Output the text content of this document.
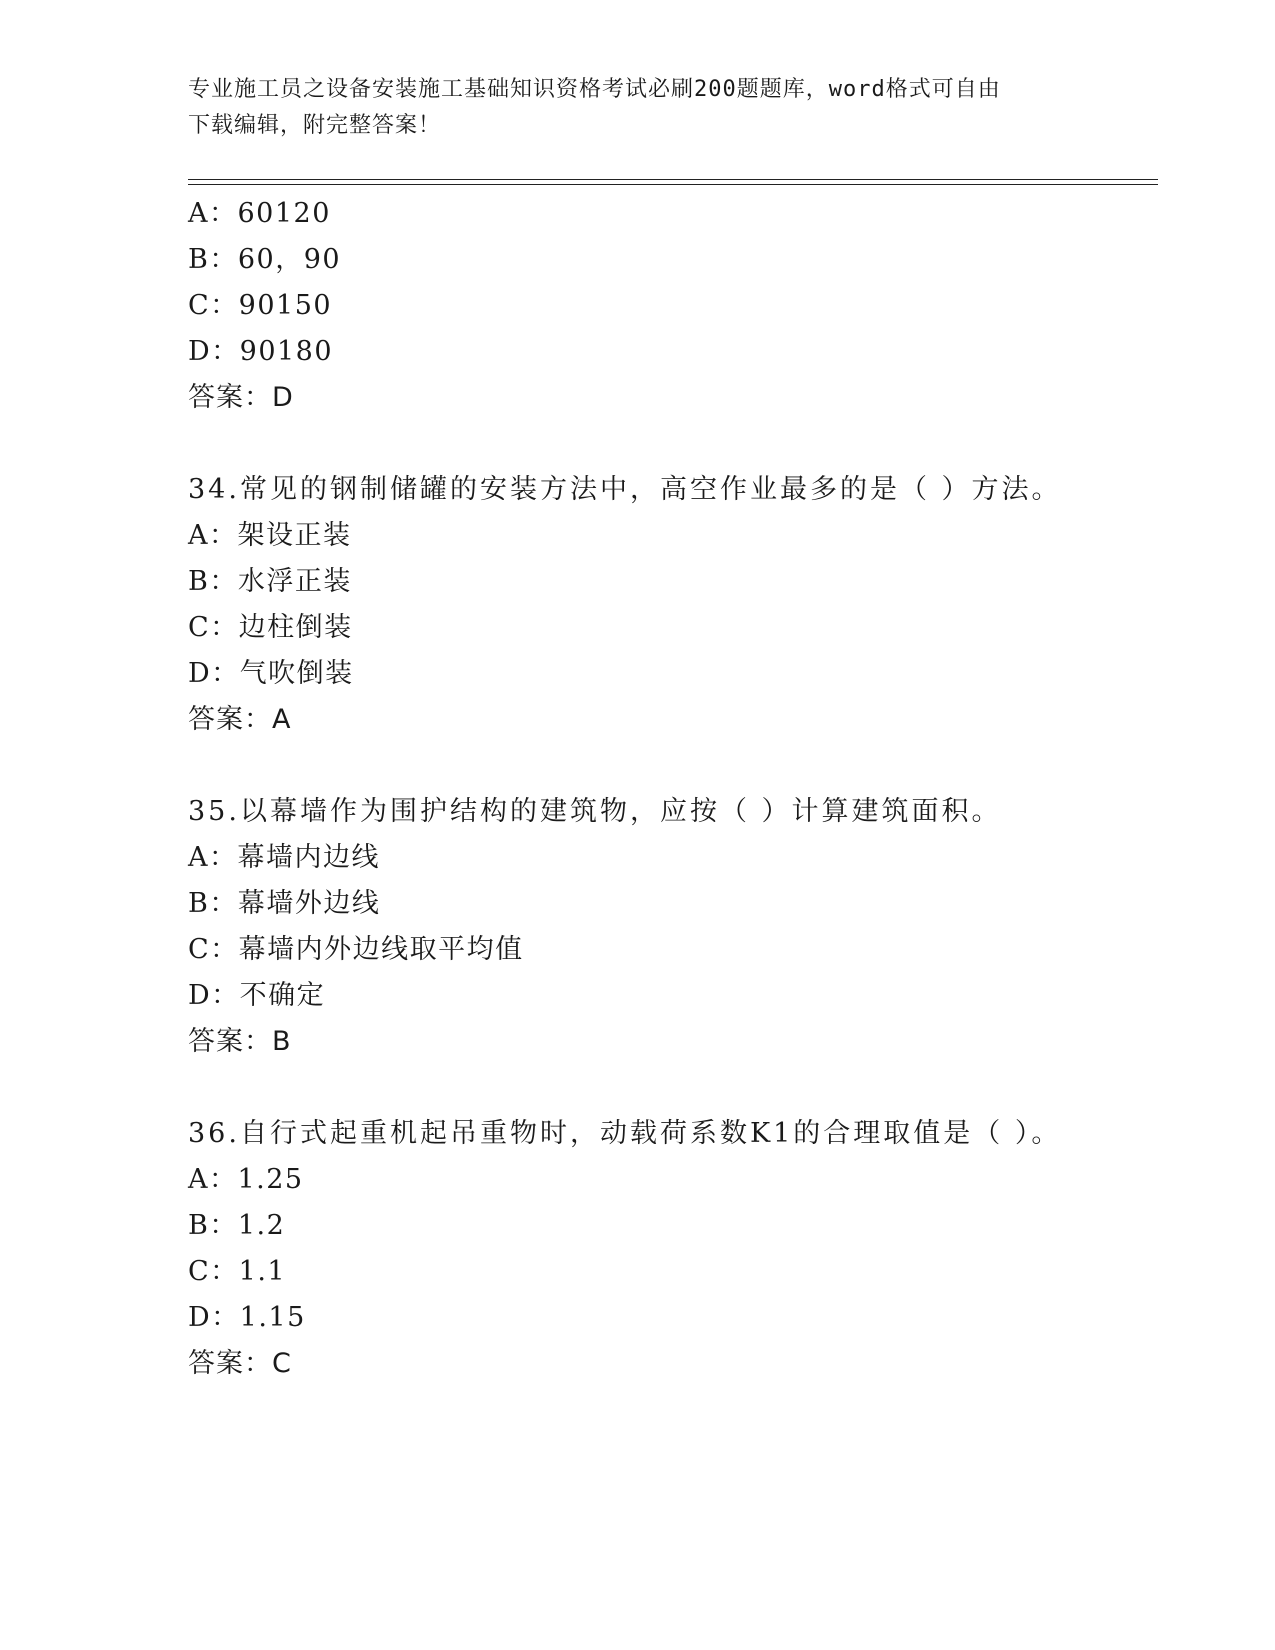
专业施工员之设备安装施工基础知识资格考试必刷200题题库，word格式可自由
下载编辑，附完整答案！
A：60120
B：60，90
C：90150
D：90180
答案：D
34.常见的钢制储罐的安装方法中，高空作业最多的是（ ）方法。
A：架设正装
B：水浮正装
C：边柱倒装
D：气吹倒装
答案：A
35.以幕墙作为围护结构的建筑物，应按（ ）计算建筑面积。
A：幕墙内边线
B：幕墙外边线
C：幕墙内外边线取平均值
D：不确定
答案：B
36.自行式起重机起吊重物时，动载荷系数K1的合理取值是（ ）。
A：1.25
B：1.2
C：1.1
D：1.15
答案：C
